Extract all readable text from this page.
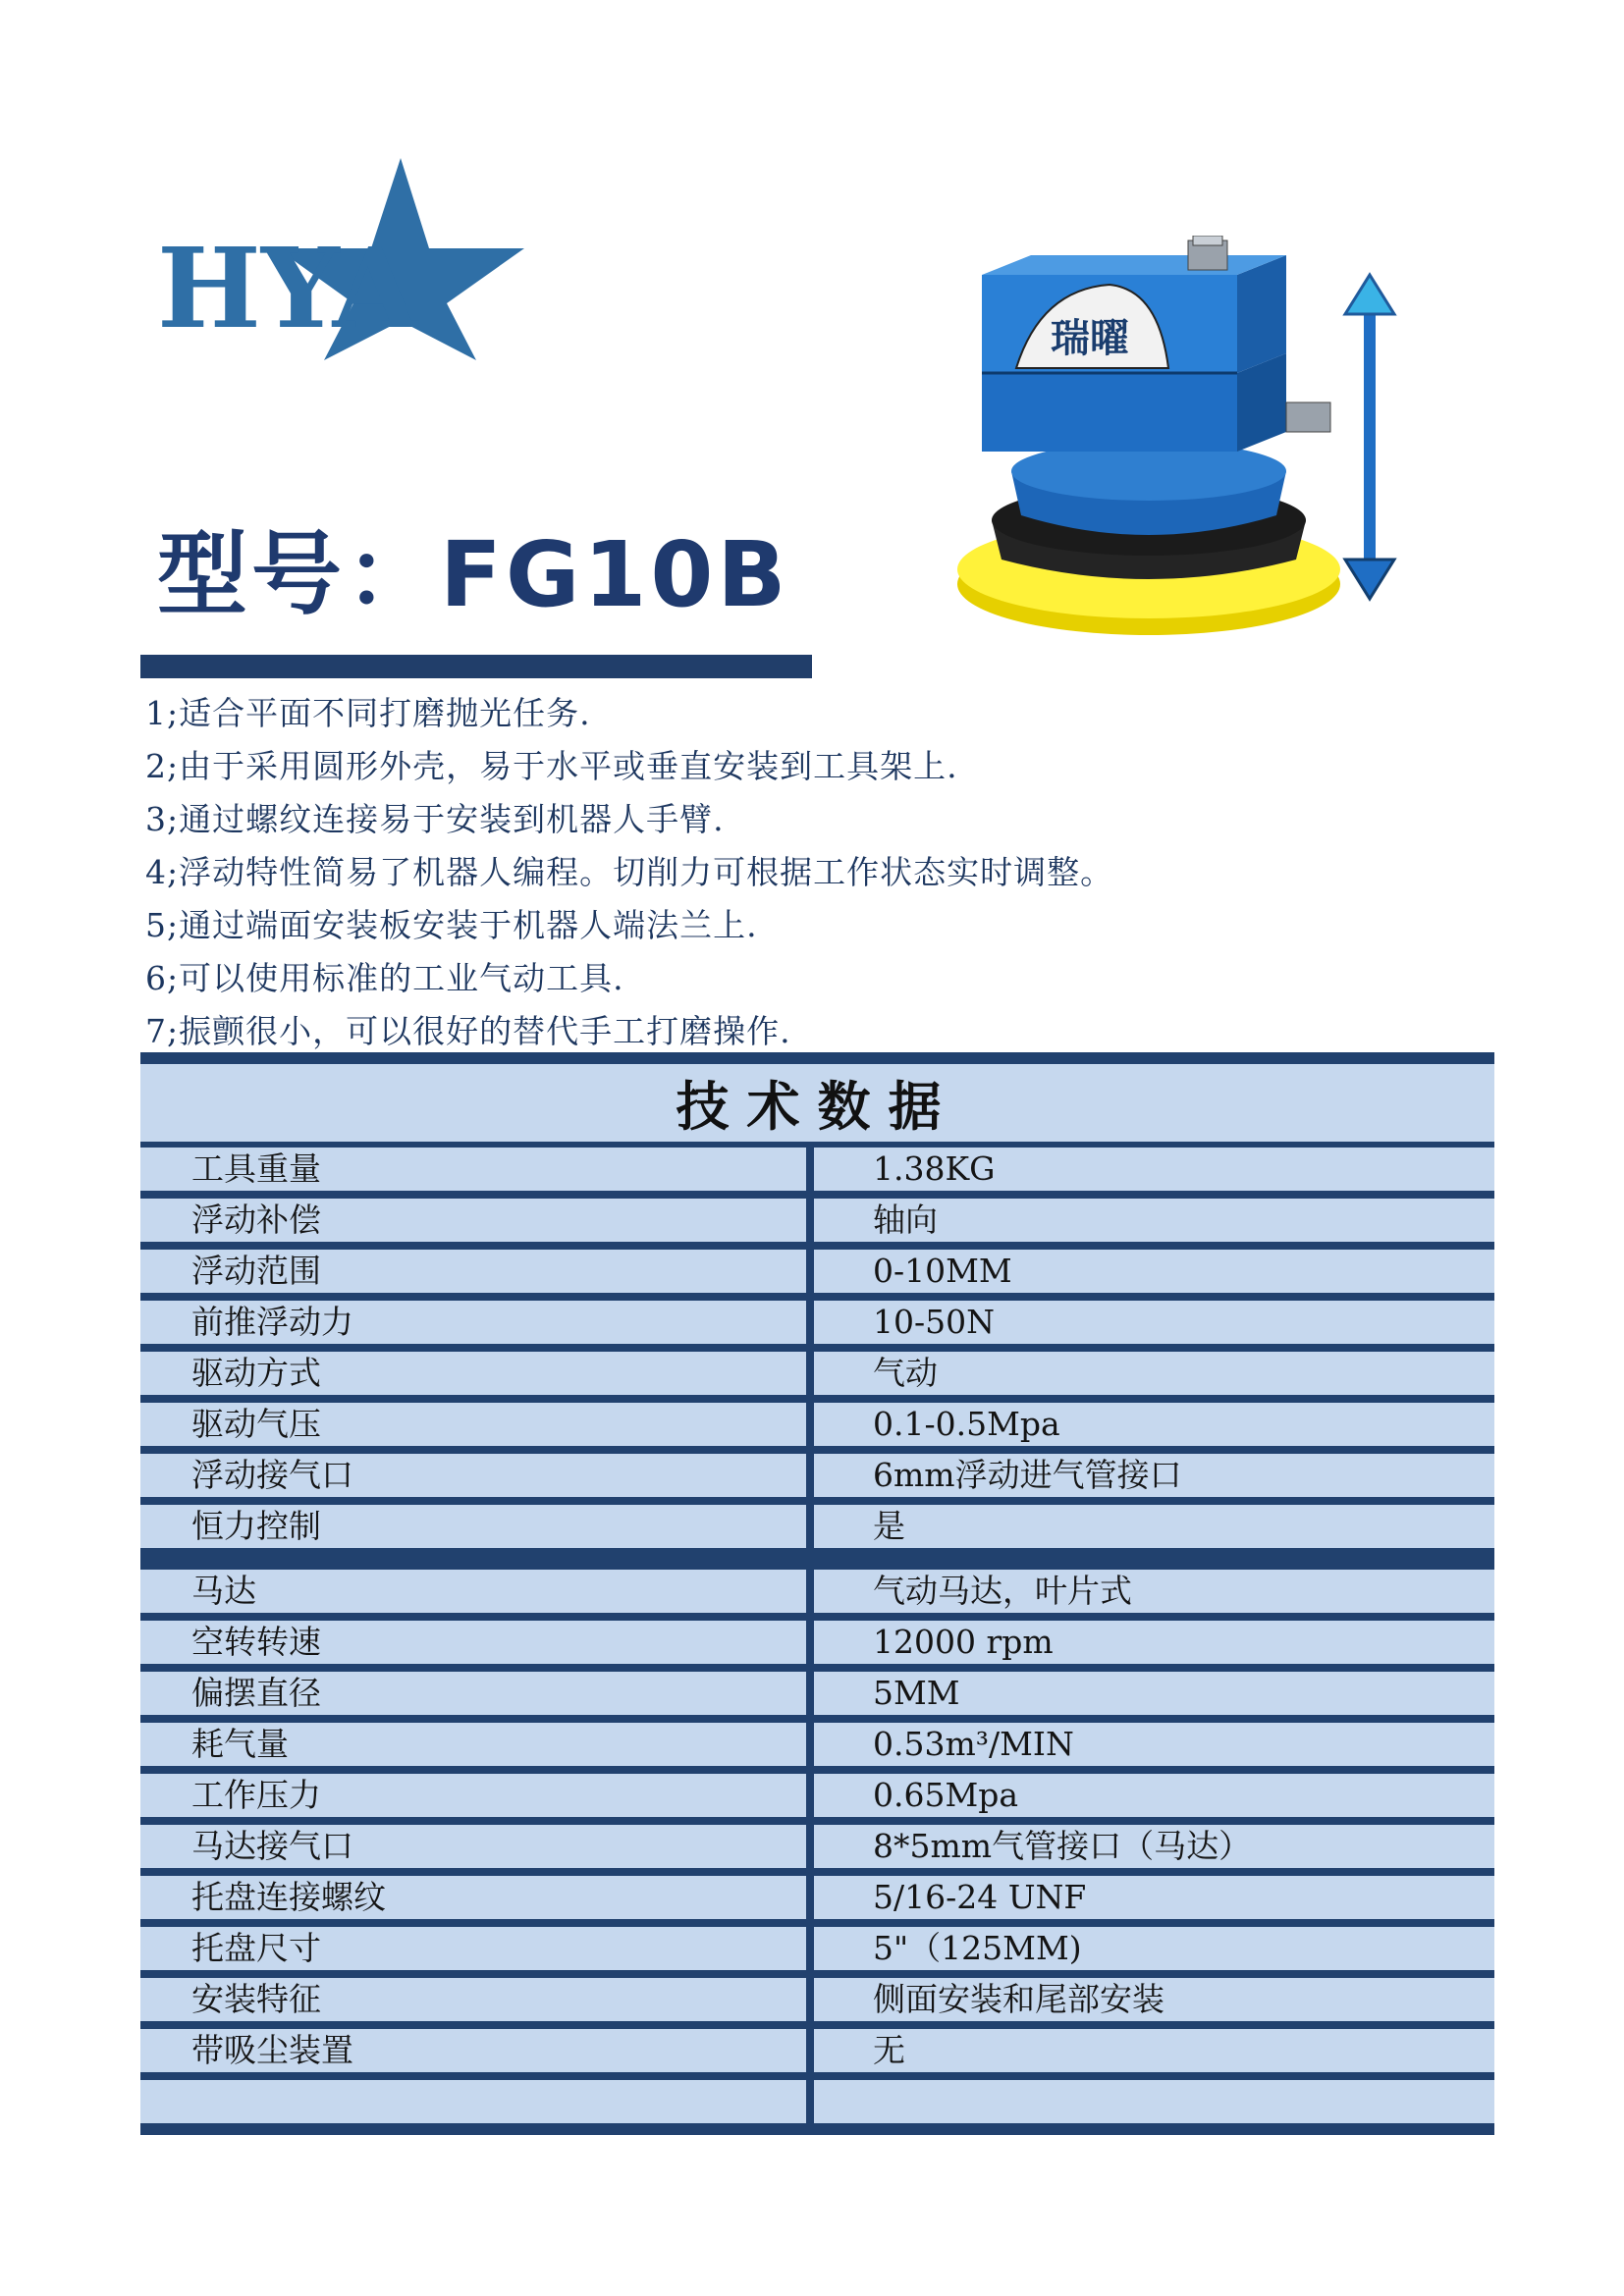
HYA
型号：FG10B
瑞曜
1;适合平面不同打磨抛光任务.
2;由于采用圆形外壳，易于水平或垂直安装到工具架上.
3;通过螺纹连接易于安装到机器人手臂.
4;浮动特性简易了机器人编程。切削力可根据工作状态实时调整。
5;通过端面安装板安装于机器人端法兰上.
6;可以使用标准的工业气动工具.
7;振颤很小，可以很好的替代手工打磨操作.
技术数据
工具重量	1.38KG
浮动补偿	轴向
浮动范围	0-10MM
前推浮动力	10-50N
驱动方式	气动
驱动气压	0.1-0.5Mpa
浮动接气口	6mm浮动进气管接口
恒力控制	是
马达	气动马达，叶片式
空转转速	12000 rpm
偏摆直径	5MM
耗气量	0.53m³/MIN
工作压力	0.65Mpa
马达接气口	8*5mm气管接口（马达）
托盘连接螺纹	5/16-24 UNF
托盘尺寸	5"（125MM)
安装特征	侧面安装和尾部安装
带吸尘装置	无
